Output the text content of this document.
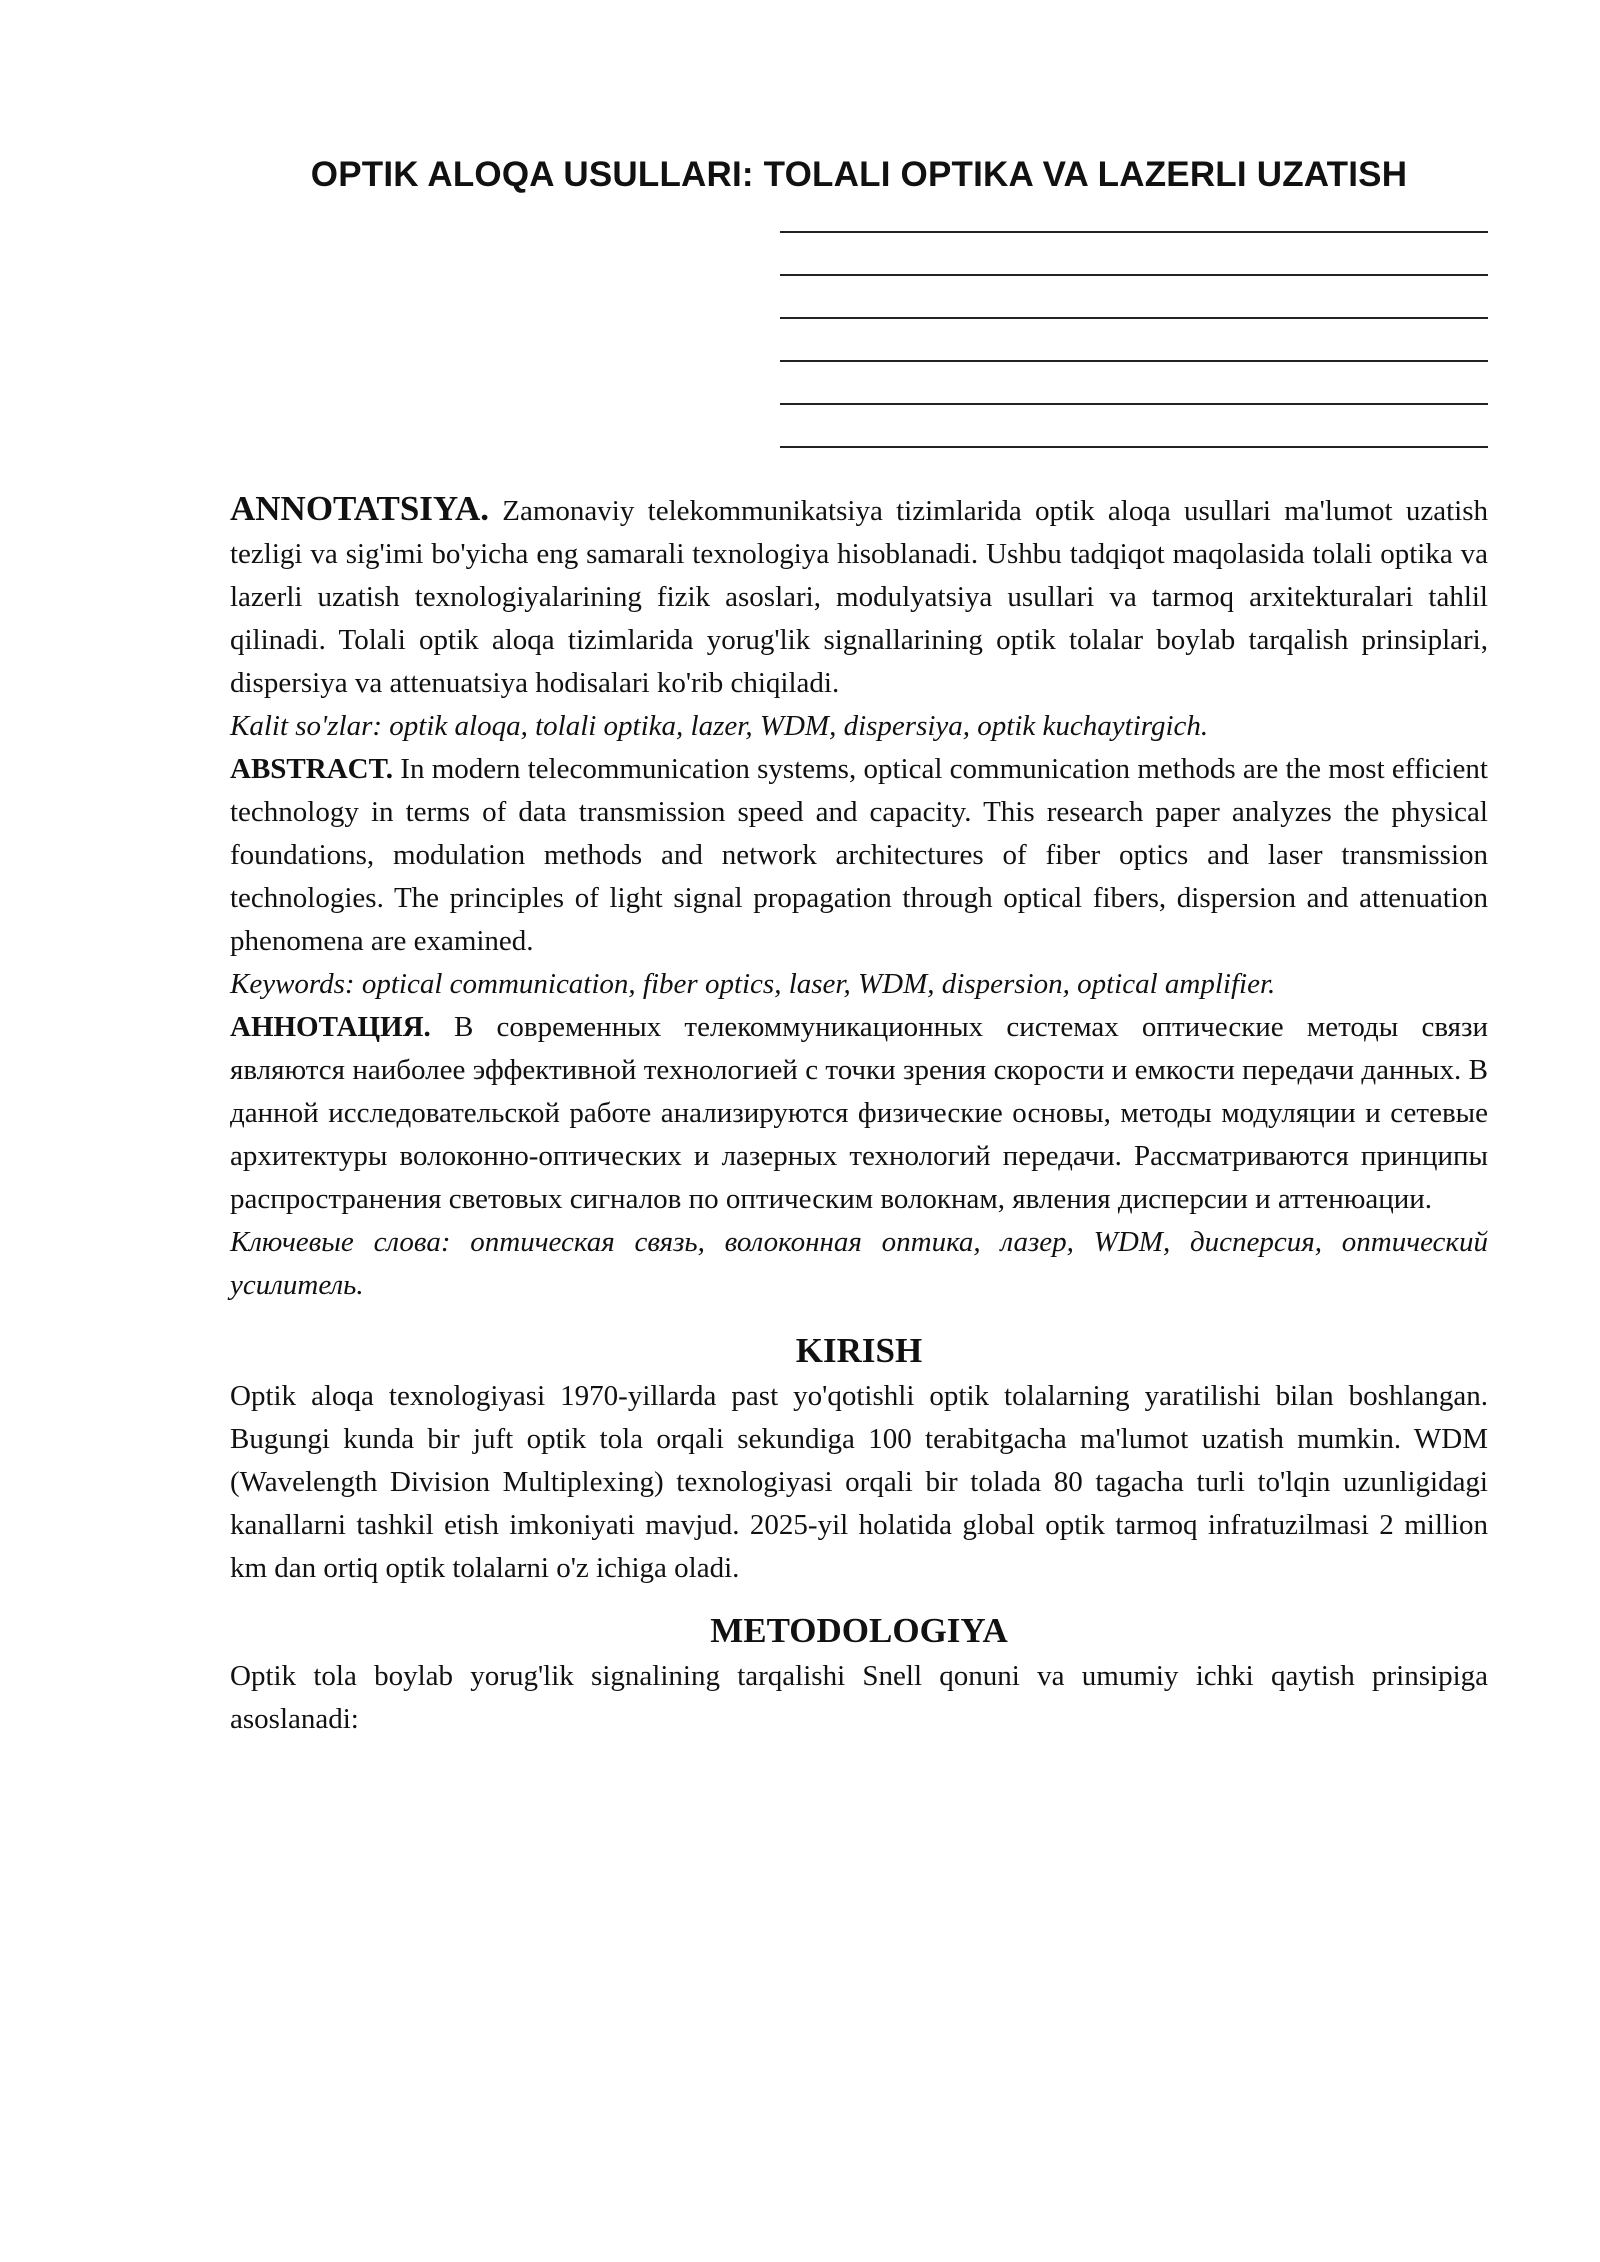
OPTIK ALOQA USULLARI: TOLALI OPTIKA VA LAZERLI UZATISH

ANNOTATSIYA. Zamonaviy telekommunikatsiya tizimlarida optik aloqa usullari ma'lumot uzatish tezligi va sig'imi bo'yicha eng samarali texnologiya hisoblanadi. Ushbu tadqiqot maqolasida tolali optika va lazerli uzatish texnologiyalarining fizik asoslari, modulyatsiya usullari va tarmoq arxitekturalari tahlil qilinadi. Tolali optik aloqa tizimlarida yorug'lik signallarining optik tolalar boylab tarqalish prinsiplari, dispersiya va attenuatsiya hodisalari ko'rib chiqiladi.

Kalit so'zlar: optik aloqa, tolali optika, lazer, WDM, dispersiya, optik kuchaytirgich.

ABSTRACT. In modern telecommunication systems, optical communication methods are the most efficient technology in terms of data transmission speed and capacity. This research paper analyzes the physical foundations, modulation methods and network architectures of fiber optics and laser transmission technologies. The principles of light signal propagation through optical fibers, dispersion and attenuation phenomena are examined.

Keywords: optical communication, fiber optics, laser, WDM, dispersion, optical amplifier.

АННОТАЦИЯ. В современных телекоммуникационных системах оптические методы связи являются наиболее эффективной технологией с точки зрения скорости и емкости передачи данных. В данной исследовательской работе анализируются физические основы, методы модуляции и сетевые архитектуры волоконно-оптических и лазерных технологий передачи. Рассматриваются принципы распространения световых сигналов по оптическим волокнам, явления дисперсии и аттенюации.

Ключевые слова: оптическая связь, волоконная оптика, лазер, WDM, дисперсия, оптический усилитель.

KIRISH

Optik aloqa texnologiyasi 1970-yillarda past yo'qotishli optik tolalarning yaratilishi bilan boshlangan. Bugungi kunda bir juft optik tola orqali sekundiga 100 terabitgacha ma'lumot uzatish mumkin. WDM (Wavelength Division Multiplexing) texnologiyasi orqali bir tolada 80 tagacha turli to'lqin uzunligidagi kanallarni tashkil etish imkoniyati mavjud. 2025-yil holatida global optik tarmoq infratuzilmasi 2 million km dan ortiq optik tolalarni o'z ichiga oladi.

METODOLOGIYA

Optik tola boylab yorug'lik signalining tarqalishi Snell qonuni va umumiy ichki qaytish prinsipiga asoslanadi:
